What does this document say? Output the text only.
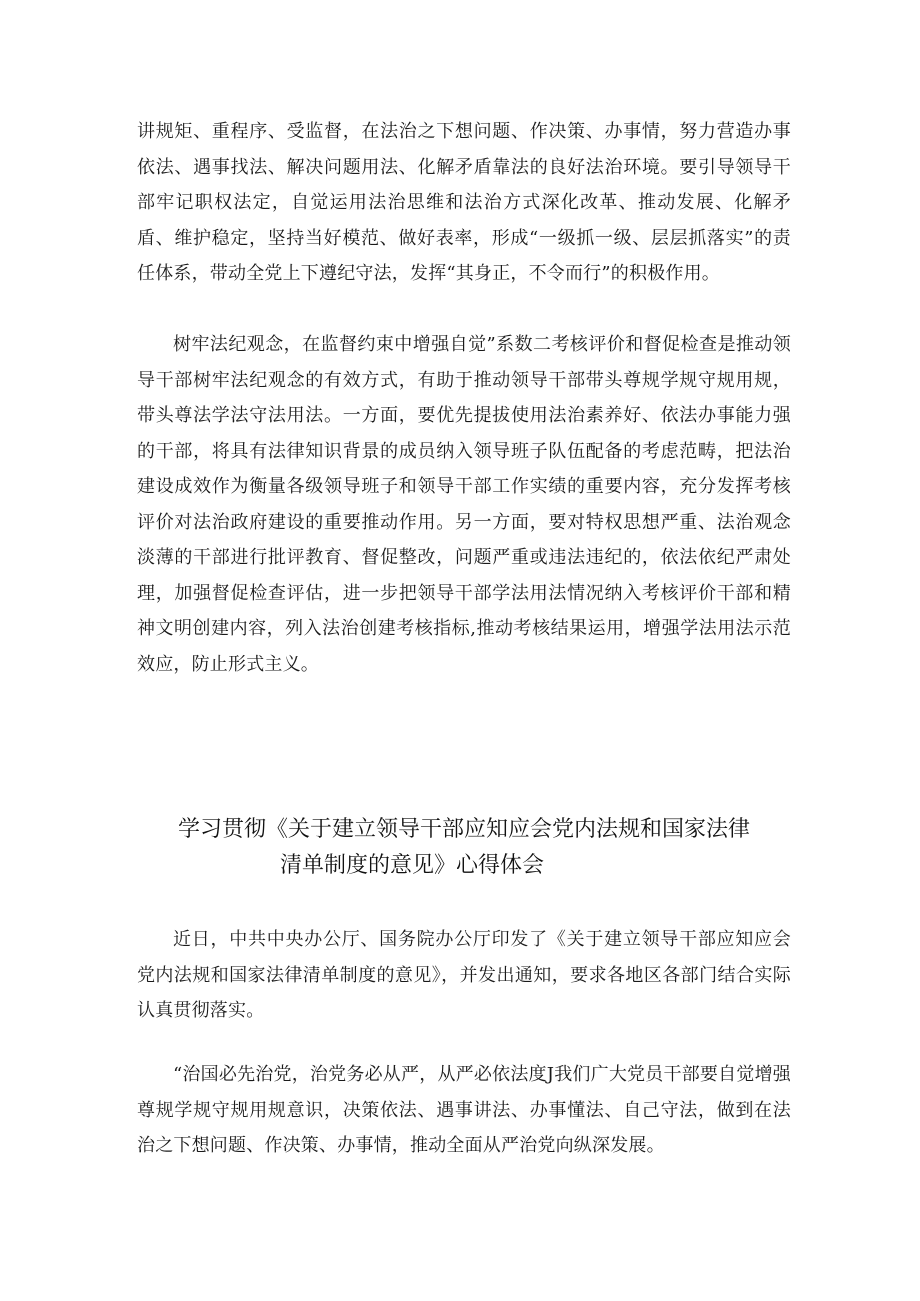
讲规矩、重程序、受监督，在法治之下想问题、作决策、办事情，努力营造办事依法、遇事找法、解决问题用法、化解矛盾靠法的良好法治环境。要引导领导干部牢记职权法定，自觉运用法治思维和法治方式深化改革、推动发展、化解矛盾、维护稳定，坚持当好模范、做好表率，形成“一级抓一级、层层抓落实”的责任体系，带动全党上下遵纪守法，发挥“其身正，不令而行”的积极作用。

树牢法纪观念，在监督约束中增强自觉”系数二考核评价和督促检查是推动领导干部树牢法纪观念的有效方式，有助于推动领导干部带头尊规学规守规用规，带头尊法学法守法用法。一方面，要优先提拔使用法治素养好、依法办事能力强的干部，将具有法律知识背景的成员纳入领导班子队伍配备的考虑范畴，把法治建设成效作为衡量各级领导班子和领导干部工作实绩的重要内容，充分发挥考核评价对法治政府建设的重要推动作用。另一方面，要对特权思想严重、法治观念淡薄的干部进行批评教育、督促整改，问题严重或违法违纪的，依法依纪严肃处理，加强督促检查评估，进一步把领导干部学法用法情况纳入考核评价干部和精神文明创建内容，列入法治创建考核指标,推动考核结果运用，增强学法用法示范效应，防止形式主义。

学习贯彻《关于建立领导干部应知应会党内法规和国家法律
清单制度的意见》心得体会

近日，中共中央办公厅、国务院办公厅印发了《关于建立领导干部应知应会党内法规和国家法律清单制度的意见》，并发出通知，要求各地区各部门结合实际认真贯彻落实。

“治国必先治党，治党务必从严，从严必依法度J我们广大党员干部要自觉增强尊规学规守规用规意识，决策依法、遇事讲法、办事懂法、自己守法，做到在法治之下想问题、作决策、办事情，推动全面从严治党向纵深发展。
